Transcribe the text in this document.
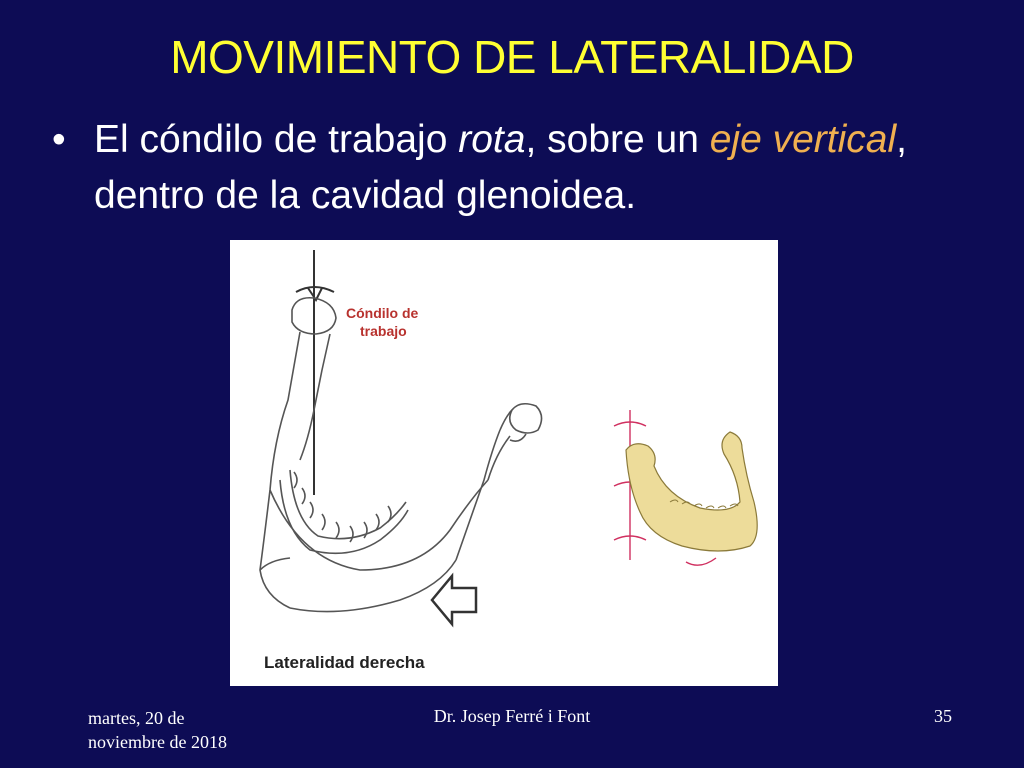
MOVIMIENTO DE LATERALIDAD
• El cóndilo de trabajo rota, sobre un eje vertical, dentro de la cavidad glenoidea.
Cóndilo de
trabajo
Lateralidad derecha
martes, 20 de
noviembre de 2018
Dr. Josep Ferré i Font	35
